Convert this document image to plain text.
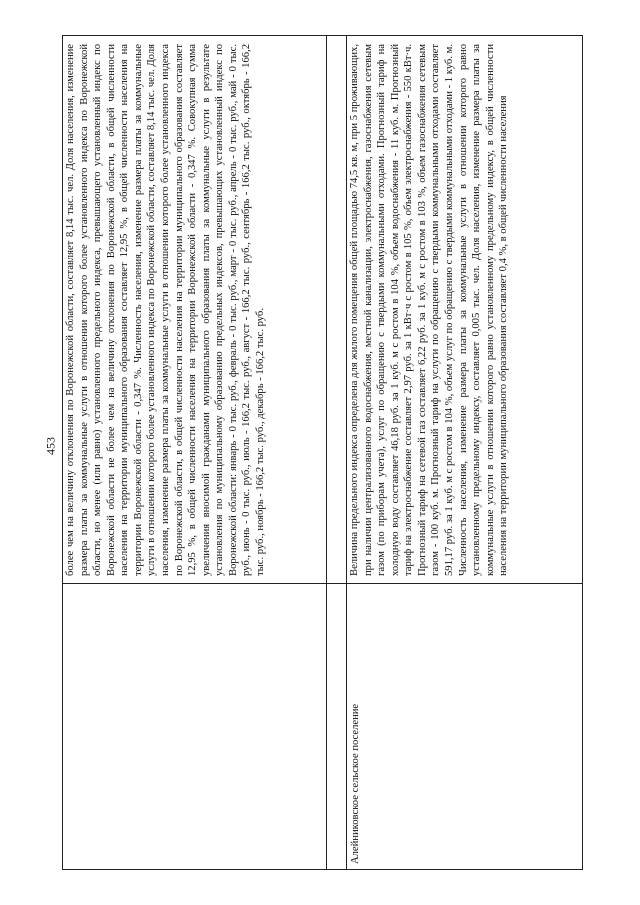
453 более чем на величину отклонения по Воронежской области, составляет 8,14 тыс. чел. Доля населения, изменение размера платы за коммунальные услуги в отношении которого более установленного индекса по Воронежской области, но менее (или равно) установленного предельного индекса, превышающего установленный индекс по Воронежской области не более чем на величину отклонения по Воронежской области, в общей численности населения на территории муниципального образования составляет 12,95 %, в общей численности населения на территории Воронежской области - 0,347 %. Численность населения, изменение размера платы за коммунальные услуги в отношении которого более установленного индекса по Воронежской области, составляет 8,14 тыс. чел. Доля населения, изменение размера платы за коммунальные услуги в отношении которого более установленного индекса по Воронежской области, в общей численности населения на территории муниципального образования составляет 12,95 %, в общей численности населения на территории Воронежской области - 0,347 %. Совокупная сумма увеличения вносимой гражданами муниципального образования платы за коммунальные услуги в результате установления по муниципальному образованию предельных индексов, превышающих установленный индекс по Воронежской области: январь - 0 тыс. руб., февраль - 0 тыс. руб., март - 0 тыс. руб., апрель - 0 тыс. руб., май - 0 тыс. руб., июнь - 0 тыс. руб., июль - 166,2 тыс. руб., август - 166,2 тыс. руб., сентябрь - 166,2 тыс. руб., октябрь - 166,2 тыс. руб., ноябрь - 166,2 тыс. руб., декабрь - 166,2 тыс. руб.
Алейниковское сельское поселение
Величина предельного индекса определена для жилого помещения общей площадью 74,5 кв. м, при 5 проживающих, при наличии централизованного водоснабжения, местной канализации, электроснабжения, газоснабжения сетевым газом (по приборам учета), услуг по обращению с твердыми коммунальными отходами. Прогнозный тариф на холодную воду составляет 46,18 руб. за 1 куб. м с ростом в 104 %, объем водоснабжения - 11 куб. м. Прогнозный тариф на электроснабжение составляет 2,97 руб. за 1 кВт·ч с ростом в 105 %, объем электроснабжения - 550 кВт·ч. Прогнозный тариф на сетевой газ составляет 6,22 руб. за 1 куб. м с ростом в 103 %, объем газоснабжения сетевым газом - 100 куб. м. Прогнозный тариф на услуги по обращению с твердыми коммунальными отходами составляет 591,17 руб. за 1 куб. м с ростом в 104 %, объем услуг по обращению с твердыми коммунальными отходами - 1 куб. м. Численность населения, изменение размера платы за коммунальные услуги в отношении которого равно установленному предельному индексу, составляет 0,005 тыс. чел. Доля населения, изменение размера платы за коммунальные услуги в отношении которого равно установленному предельному индексу, в общей численности населения на территории муниципального образования составляет 0,4 %, в общей численности населения
